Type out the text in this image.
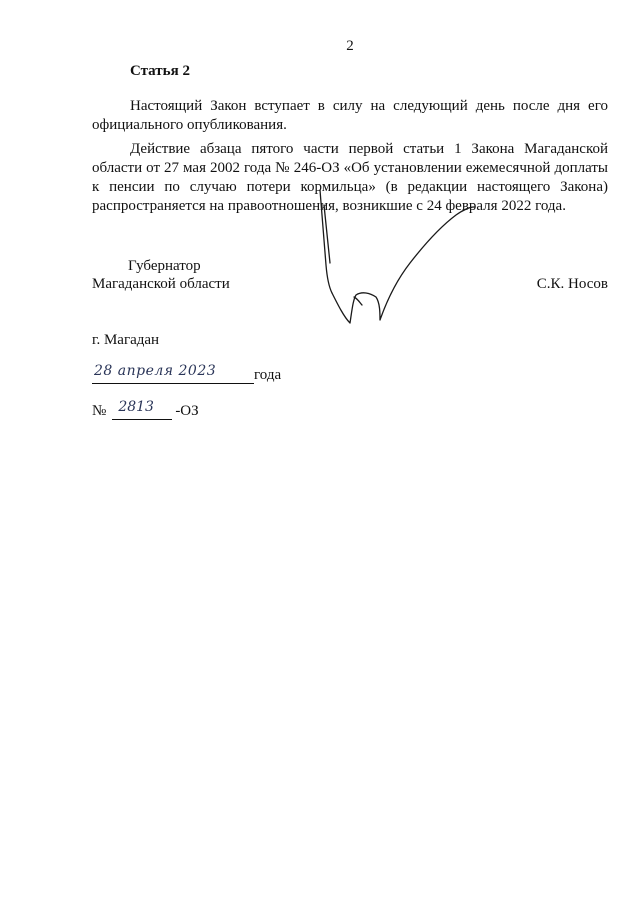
2
Статья 2

Настоящий Закон вступает в силу на следующий день после дня его официального опубликования.

Действие абзаца пятого части первой статьи 1 Закона Магаданской области от 27 мая 2002 года № 246-ОЗ «Об установлении ежемесячной доплаты к пенсии по случаю потери кормильца» (в редакции настоящего Закона) распространяется на правоотношения, возникшие с 24 февраля 2022 года.

Губернатор
Магаданской области	С.К. Носов
г. Магадан
28 апреля 2023	года
№ 2813 -ОЗ
